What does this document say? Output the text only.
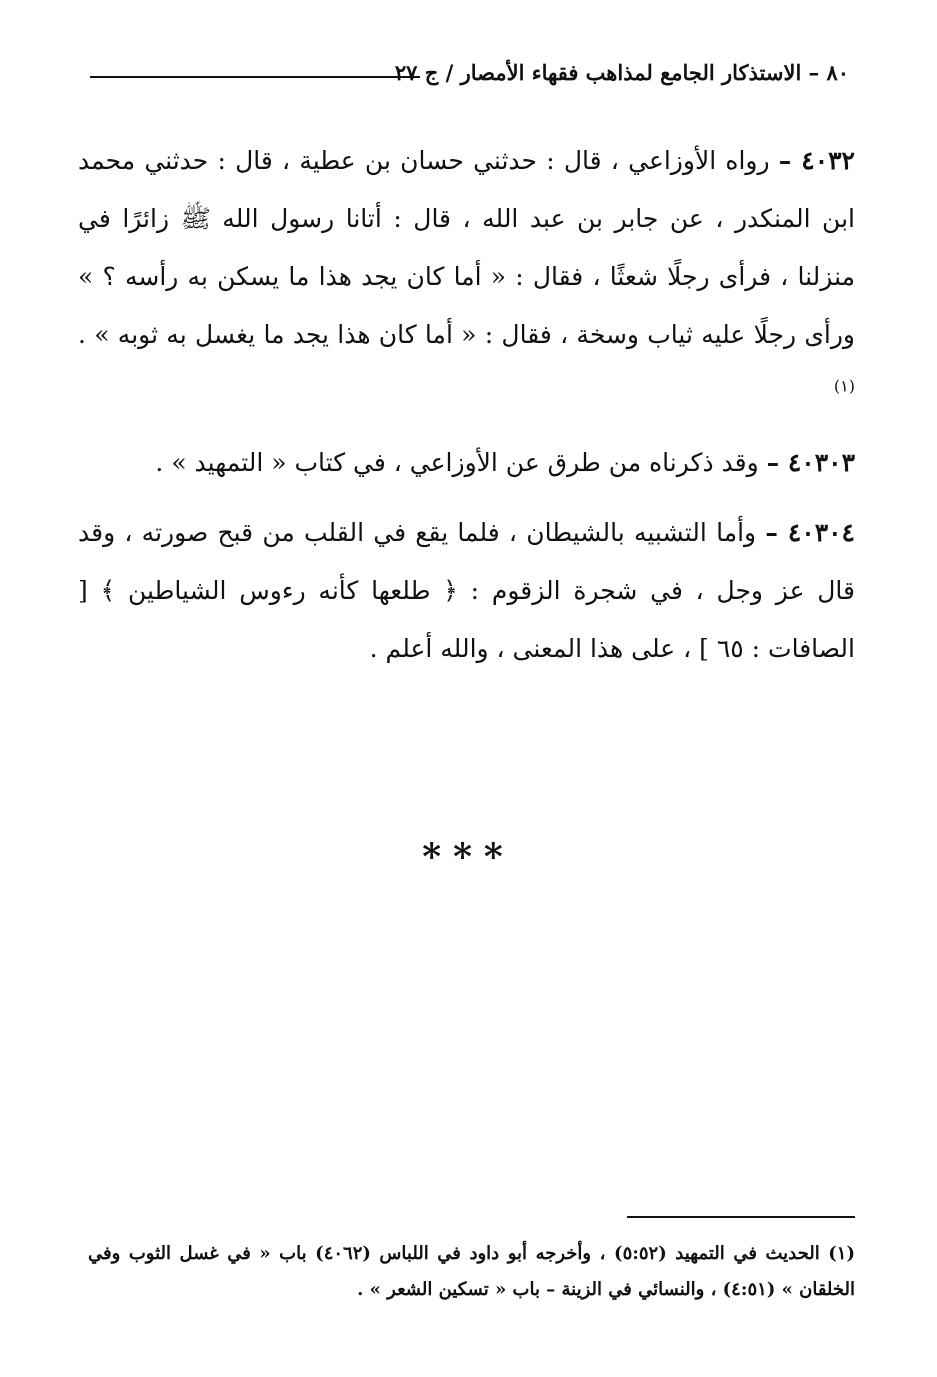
٨٠ – الاستذكار الجامع لمذاهب فقهاء الأمصار / ج ٢٧

٤٠٣٢ – رواه الأوزاعي ، قال : حدثني حسان بن عطية ، قال : حدثني محمد ابن المنكدر ، عن جابر بن عبد الله ، قال : أتانا رسول الله ﷺ زائرًا في منزلنا ، فرأى رجلًا شعثًا ، فقال : « أما كان يجد هذا ما يسكن به رأسه ؟ » ورأى رجلًا عليه ثياب وسخة ، فقال : « أما كان هذا يجد ما يغسل به ثوبه » . $^{(١)}$

٤٠٣٠٣ – وقد ذكرناه من طرق عن الأوزاعي ، في كتاب « التمهيد » .

٤٠٣٠٤ – وأما التشبيه بالشيطان ، فلما يقع في القلب من قبح صورته ، وقد قال عز وجل ، في شجرة الزقوم : ﴿ طلعها كأنه رءوس الشياطين ﴾ [ الصافات : ٦٥ ] ، على هذا المعنى ، والله أعلم .

***
(١) الحديث في التمهيد (٥:٥٢) ، وأخرجه أبو داود في اللباس (٤٠٦٢) باب « في غسل الثوب وفي الخلقان » (٤:٥١) ، والنسائي في الزينة – باب « تسكين الشعر » .
